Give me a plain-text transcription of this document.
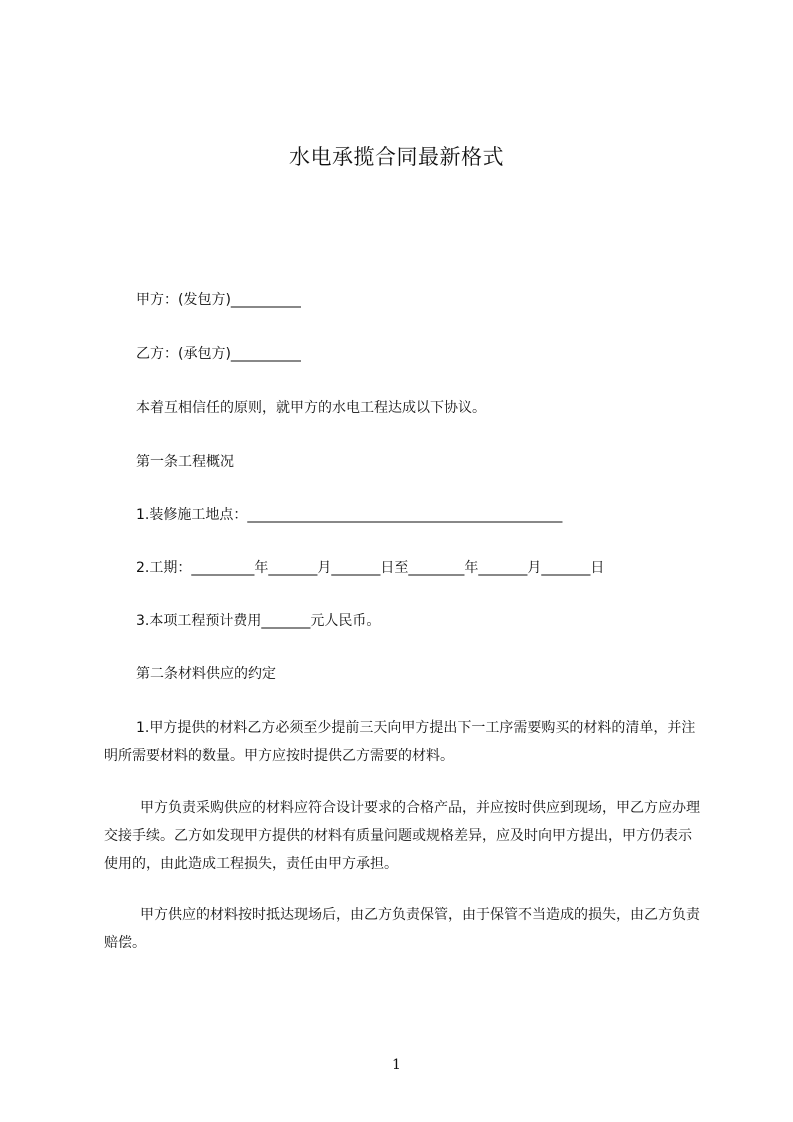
水电承揽合同最新格式
甲方：(发包方)__________
乙方：(承包方)__________
本着互相信任的原则，就甲方的水电工程达成以下协议。
第一条工程概况
1.装修施工地点：_____________________________________________
2.工期：_________年_______月_______日至________年_______月_______日
3.本项工程预计费用_______元人民币。
第二条材料供应的约定
1.甲方提供的材料乙方必须至少提前三天向甲方提出下一工序需要购买的材料的清单，并注明所需要材料的数量。甲方应按时提供乙方需要的材料。
甲方负责采购供应的材料应符合设计要求的合格产品，并应按时供应到现场，甲乙方应办理交接手续。乙方如发现甲方提供的材料有质量问题或规格差异，应及时向甲方提出，甲方仍表示使用的，由此造成工程损失，责任由甲方承担。
甲方供应的材料按时抵达现场后，由乙方负责保管，由于保管不当造成的损失，由乙方负责赔偿。
1
